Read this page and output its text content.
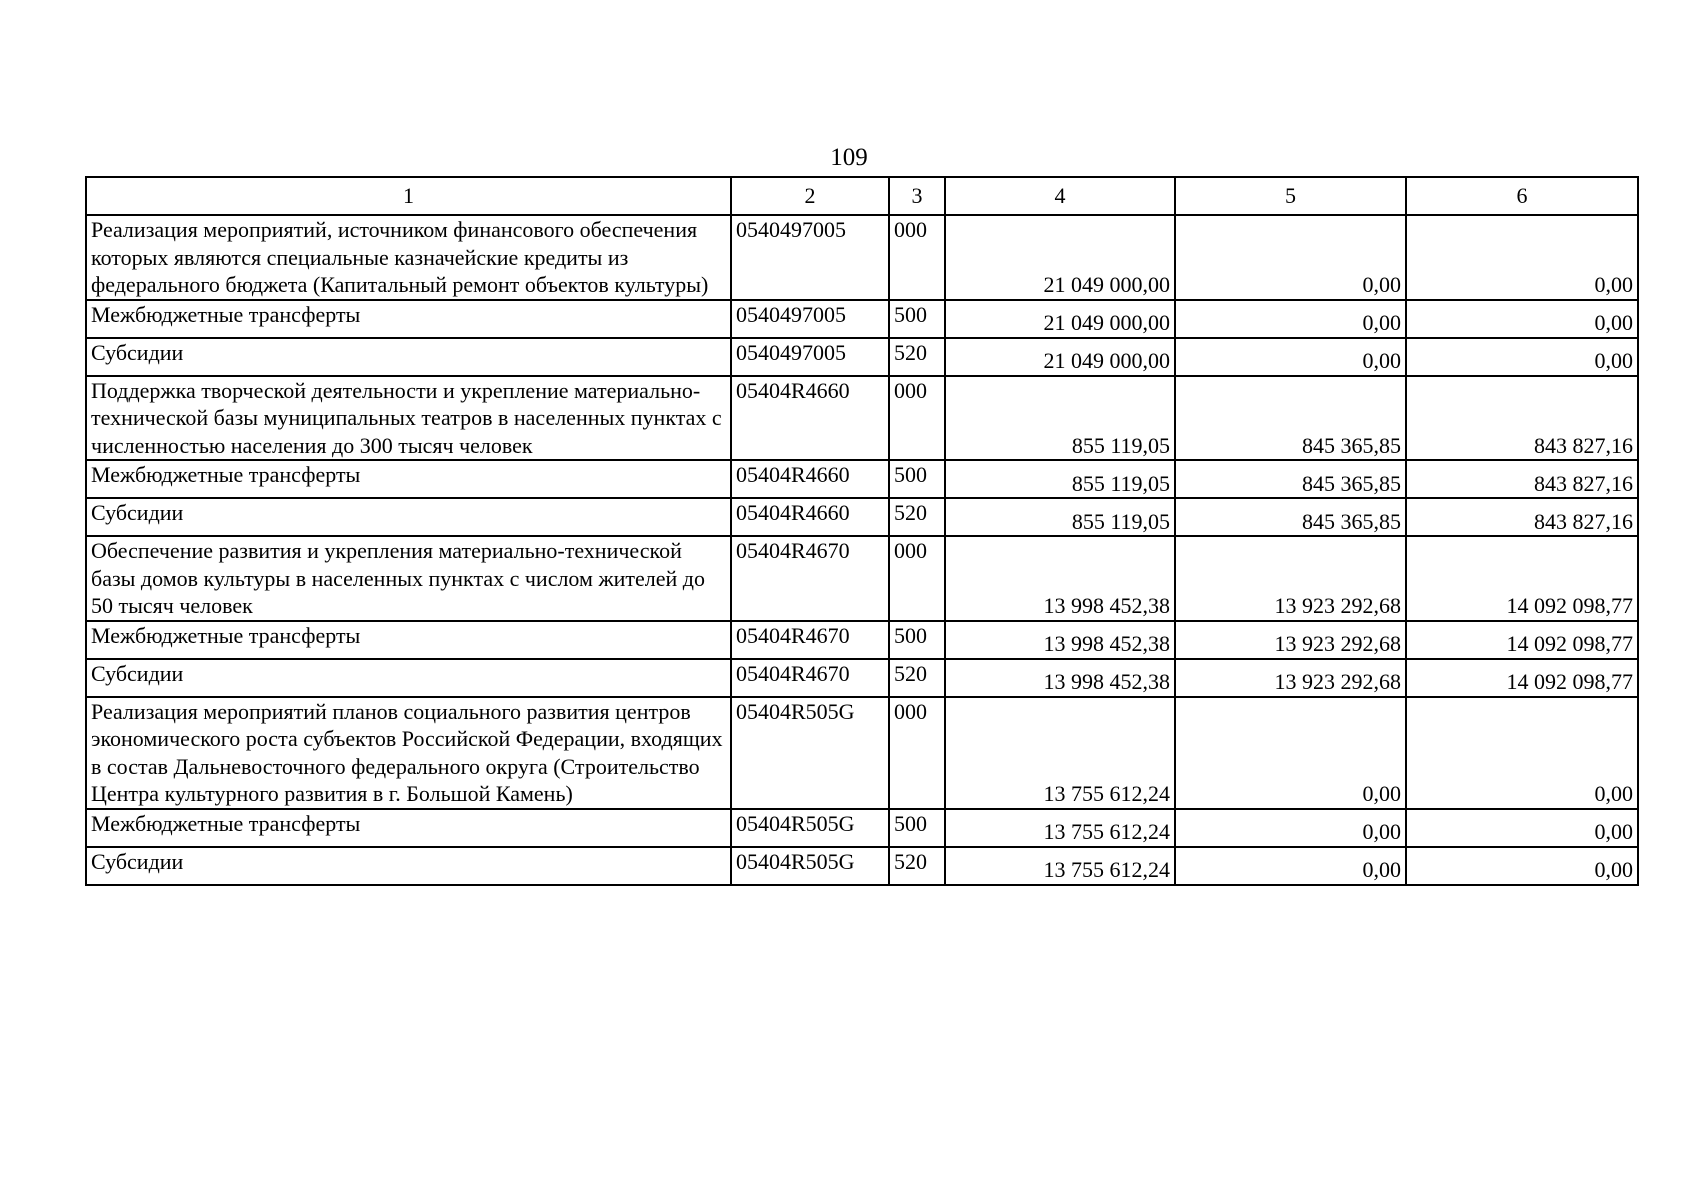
109
1	2	3	4	5	6
Реализация мероприятий, источником финансового обеспечения которых являются специальные казначейские кредиты из федерального бюджета (Капитальный ремонт объектов культуры)	0540497005	000	21 049 000,00	0,00	0,00
Межбюджетные трансферты	0540497005	500	21 049 000,00	0,00	0,00
Субсидии	0540497005	520	21 049 000,00	0,00	0,00
Поддержка творческой деятельности и укрепление материально-технической базы муниципальных театров в населенных пунктах с численностью населения до 300 тысяч человек	05404R4660	000	855 119,05	845 365,85	843 827,16
Межбюджетные трансферты	05404R4660	500	855 119,05	845 365,85	843 827,16
Субсидии	05404R4660	520	855 119,05	845 365,85	843 827,16
Обеспечение развития и укрепления материально-технической базы домов культуры в населенных пунктах с числом жителей до 50 тысяч человек	05404R4670	000	13 998 452,38	13 923 292,68	14 092 098,77
Межбюджетные трансферты	05404R4670	500	13 998 452,38	13 923 292,68	14 092 098,77
Субсидии	05404R4670	520	13 998 452,38	13 923 292,68	14 092 098,77
Реализация мероприятий планов социального развития центров экономического роста субъектов Российской Федерации, входящих в состав Дальневосточного федерального округа (Строительство Центра культурного развития в г. Большой Камень)	05404R505G	000	13 755 612,24	0,00	0,00
Межбюджетные трансферты	05404R505G	500	13 755 612,24	0,00	0,00
Субсидии	05404R505G	520	13 755 612,24	0,00	0,00
